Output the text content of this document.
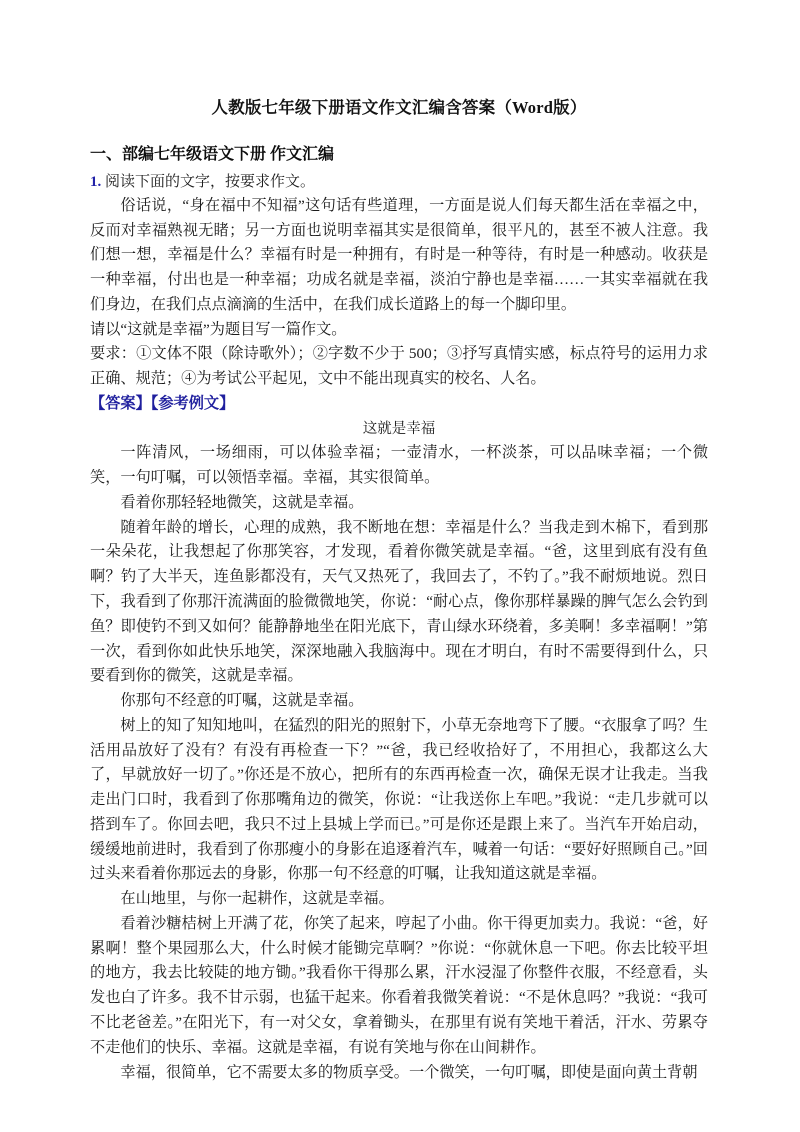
人教版七年级下册语文作文汇编含答案（Word版）
一、部编七年级语文下册 作文汇编
1. 阅读下面的文字，按要求作文。

俗话说，“身在福中不知福”这句话有些道理，一方面是说人们每天都生活在幸福之中，反而对幸福熟视无睹；另一方面也说明幸福其实是很简单，很平凡的，甚至不被人注意。我们想一想，幸福是什么？幸福有时是一种拥有，有时是一种等待，有时是一种感动。收获是一种幸福，付出也是一种幸福；功成名就是幸福，淡泊宁静也是幸福……一其实幸福就在我们身边，在我们点点滴滴的生活中，在我们成长道路上的每一个脚印里。

请以“这就是幸福”为题目写一篇作文。

要求：①文体不限（除诗歌外）；②字数不少于 500；③抒写真情实感，标点符号的运用力求正确、规范；④为考试公平起见，文中不能出现真实的校名、人名。

【答案】【参考例文】

这就是幸福

一阵清风，一场细雨，可以体验幸福；一壶清水，一杯淡茶，可以品味幸福；一个微笑，一句叮嘱，可以领悟幸福。幸福，其实很简单。

看着你那轻轻地微笑，这就是幸福。

随着年龄的增长，心理的成熟，我不断地在想：幸福是什么？当我走到木棉下，看到那一朵朵花，让我想起了你那笑容，才发现，看着你微笑就是幸福。“爸，这里到底有没有鱼啊？钓了大半天，连鱼影都没有，天气又热死了，我回去了，不钓了。”我不耐烦地说。烈日下，我看到了你那汗流满面的脸微微地笑，你说：“耐心点，像你那样暴躁的脾气怎么会钓到鱼？即使钓不到又如何？能静静地坐在阳光底下，青山绿水环绕着，多美啊！多幸福啊！”第一次，看到你如此快乐地笑，深深地融入我脑海中。现在才明白，有时不需要得到什么，只要看到你的微笑，这就是幸福。

你那句不经意的叮嘱，这就是幸福。

树上的知了知知地叫，在猛烈的阳光的照射下，小草无奈地弯下了腰。“衣服拿了吗？生活用品放好了没有？有没有再检查一下？”“爸，我已经收拾好了，不用担心，我都这么大了，早就放好一切了。”你还是不放心，把所有的东西再检查一次，确保无误才让我走。当我走出门口时，我看到了你那嘴角边的微笑，你说：“让我送你上车吧。”我说：“走几步就可以搭到车了。你回去吧，我只不过上县城上学而已。”可是你还是跟上来了。当汽车开始启动，缓缓地前进时，我看到了你那瘦小的身影在追逐着汽车，喊着一句话：“要好好照顾自己。”回过头来看着你那远去的身影，你那一句不经意的叮嘱，让我知道这就是幸福。

在山地里，与你一起耕作，这就是幸福。

看着沙糖桔树上开满了花，你笑了起来，哼起了小曲。你干得更加卖力。我说：“爸，好累啊！整个果园那么大，什么时候才能锄完草啊？”你说：“你就休息一下吧。你去比较平坦的地方，我去比较陡的地方锄。”我看你干得那么累，汗水浸湿了你整件衣服，不经意看，头发也白了许多。我不甘示弱，也猛干起来。你看着我微笑着说：“不是休息吗？”我说：“我可不比老爸差。”在阳光下，有一对父女，拿着锄头，在那里有说有笑地干着活，汗水、劳累夺不走他们的快乐、幸福。这就是幸福，有说有笑地与你在山间耕作。

幸福，很简单，它不需要太多的物质享受。一个微笑，一句叮嘱，即使是面向黄土背朝
